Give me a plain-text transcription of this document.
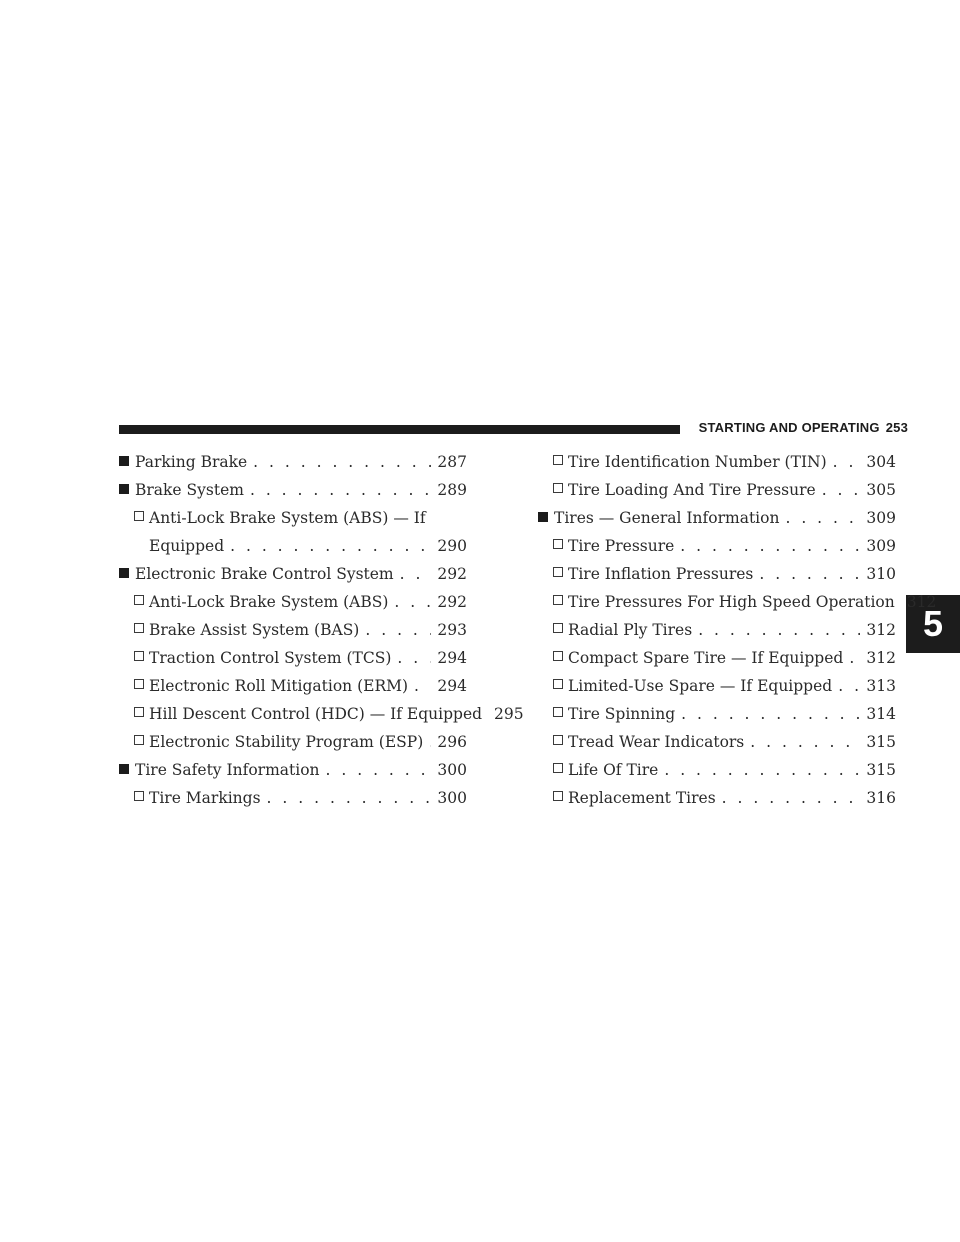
STARTING AND OPERATING 253
5
Parking Brake . . .	287
Brake System . . .	289
Anti-Lock Brake System (ABS) — If
Equipped . . .	290
Electronic Brake Control System . . .	292
Anti-Lock Brake System (ABS) . . .	292
Brake Assist System (BAS) . . .	293
Traction Control System (TCS) . . .	294
Electronic Roll Mitigation (ERM) . . . 294
Hill Descent Control (HDC) — If Equipped 295
Electronic Stability Program (ESP) . . . 296
Tire Safety Information . . .	300
Tire Markings . . .	300
Tire Identification Number (TIN) . . .	304
Tire Loading And Tire Pressure . . .	305
Tires — General Information . . .	309
Tire Pressure . . .	309
Tire Inflation Pressures . . .	310
Tire Pressures For High Speed Operation 312
Radial Ply Tires . . .	312
Compact Spare Tire — If Equipped . . . 312
Limited-Use Spare — If Equipped . . . 313
Tire Spinning . . .	314
Tread Wear Indicators . . .	315
Life Of Tire . . .	315
Replacement Tires . . .	316
